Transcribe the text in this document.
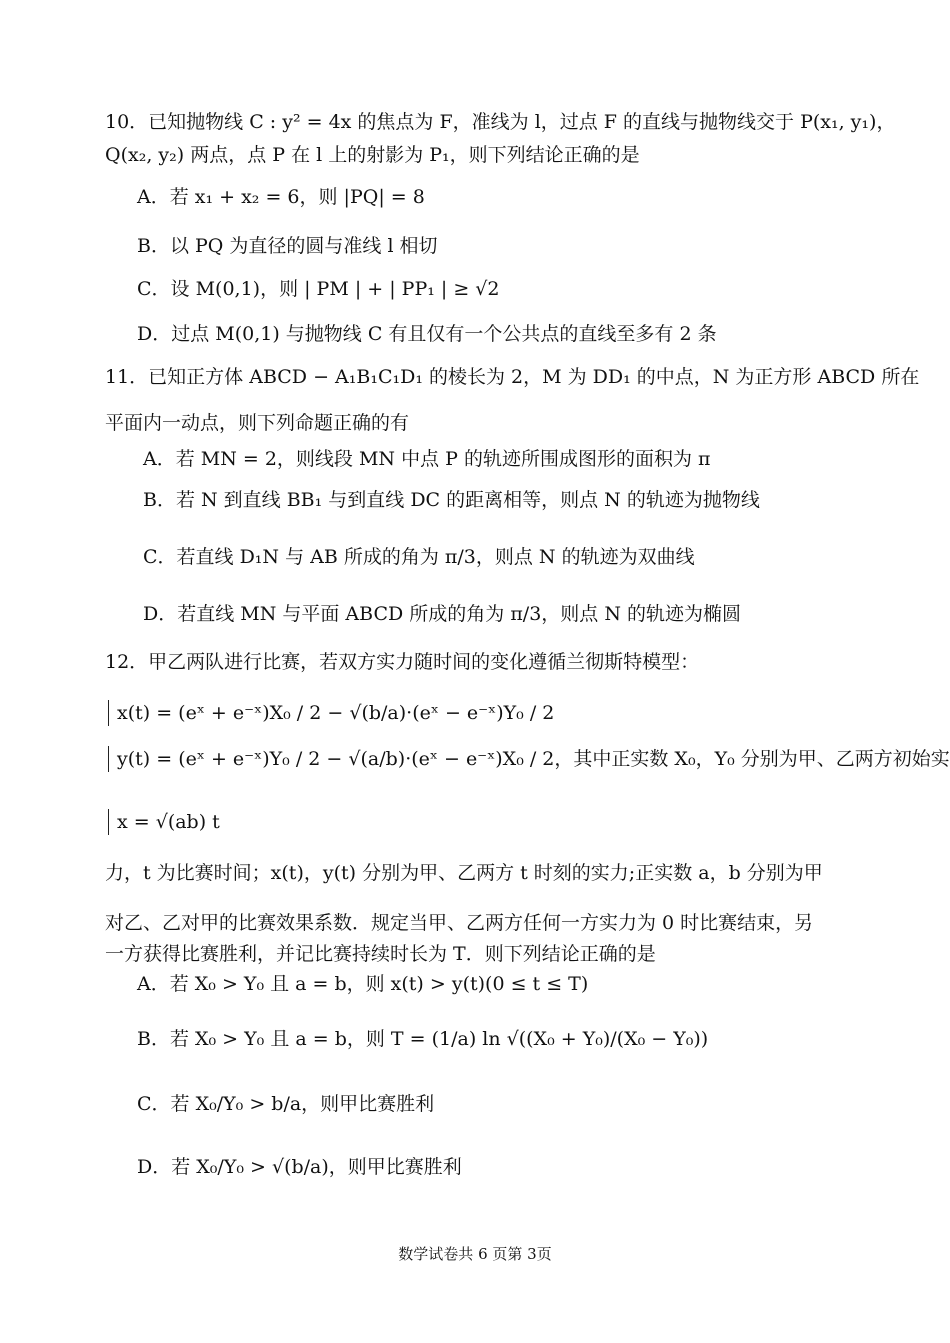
10．已知抛物线 C : y² = 4x 的焦点为 F，准线为 l，过点 F 的直线与抛物线交于 P(x₁, y₁)，
Q(x₂, y₂) 两点，点 P 在 l 上的射影为 P₁，则下列结论正确的是
A．若 x₁ + x₂ = 6，则 |PQ| = 8
B．以 PQ 为直径的圆与准线 l 相切
C．设 M(0,1)，则 | PM | + | PP₁ | ≥ √2
D．过点 M(0,1) 与抛物线 C 有且仅有一个公共点的直线至多有 2 条
11．已知正方体 ABCD − A₁B₁C₁D₁ 的棱长为 2，M 为 DD₁ 的中点，N 为正方形 ABCD 所在
平面内一动点，则下列命题正确的有
A．若 MN = 2，则线段 MN 中点 P 的轨迹所围成图形的面积为 π
B．若 N 到直线 BB₁ 与到直线 DC 的距离相等，则点 N 的轨迹为抛物线
C．若直线 D₁N 与 AB 所成的角为 π/3，则点 N 的轨迹为双曲线
D．若直线 MN 与平面 ABCD 所成的角为 π/3，则点 N 的轨迹为椭圆
12．甲乙两队进行比赛，若双方实力随时间的变化遵循兰彻斯特模型：
x(t) = (eˣ + e⁻ˣ)X₀ / 2 − √(b/a)·(eˣ − e⁻ˣ)Y₀ / 2
y(t) = (eˣ + e⁻ˣ)Y₀ / 2 − √(a/b)·(eˣ − e⁻ˣ)X₀ / 2，其中正实数 X₀，Y₀ 分别为甲、乙两方初始实
x = √(ab) t
力，t 为比赛时间；x(t)，y(t) 分别为甲、乙两方 t 时刻的实力;正实数 a，b 分别为甲
对乙、乙对甲的比赛效果系数．规定当甲、乙两方任何一方实力为 0 时比赛结束，另
一方获得比赛胜利，并记比赛持续时长为 T．则下列结论正确的是
A．若 X₀ > Y₀ 且 a = b，则 x(t) > y(t)(0 ≤ t ≤ T)
B．若 X₀ > Y₀ 且 a = b，则 T = (1/a) ln √((X₀ + Y₀)/(X₀ − Y₀))
C．若 X₀/Y₀ > b/a，则甲比赛胜利
D．若 X₀/Y₀ > √(b/a)，则甲比赛胜利
数学试卷共 6 页第 3页
